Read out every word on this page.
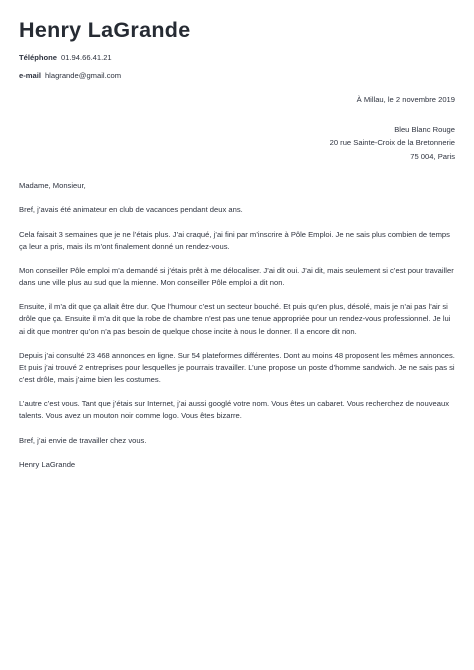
Henry LaGrande
Téléphone 01.94.66.41.21
e-mail hlagrande@gmail.com
À Millau, le 2 novembre 2019
Bleu Blanc Rouge
20 rue Sainte-Croix de la Bretonnerie
75 004, Paris

Madame, Monsieur,

Bref, j’avais été animateur en club de vacances pendant deux ans.

Cela faisait 3 semaines que je ne l’étais plus. J’ai craqué, j’ai fini par m’inscrire à Pôle Emploi. Je ne sais plus combien de temps ça leur a pris, mais ils m’ont finalement donné un rendez-vous.

Mon conseiller Pôle emploi m’a demandé si j’étais prêt à me délocaliser. J’ai dit oui. J’ai dit, mais seulement si c’est pour travailler dans une ville plus au sud que la mienne. Mon conseiller Pôle emploi a dit non.

Ensuite, il m’a dit que ça allait être dur. Que l’humour c’est un secteur bouché. Et puis qu’en plus, désolé, mais je n’ai pas l’air si drôle que ça. Ensuite il m’a dit que la robe de chambre n’est pas une tenue appropriée pour un rendez-vous professionnel. Je lui ai dit que montrer qu’on n’a pas besoin de quelque chose incite à nous le donner. Il a encore dit non.

Depuis j’ai consulté 23 468 annonces en ligne. Sur 54 plateformes différentes. Dont au moins 48 proposent les mêmes annonces. Et puis j’ai trouvé 2 entreprises pour lesquelles je pourrais travailler. L’une propose un poste d’homme sandwich. Je ne sais pas si c’est drôle, mais j’aime bien les costumes.

L’autre c’est vous. Tant que j’étais sur Internet, j’ai aussi googlé votre nom. Vous êtes un cabaret. Vous recherchez de nouveaux talents. Vous avez un mouton noir comme logo. Vous êtes bizarre.

Bref, j’ai envie de travailler chez vous.

Henry LaGrande
